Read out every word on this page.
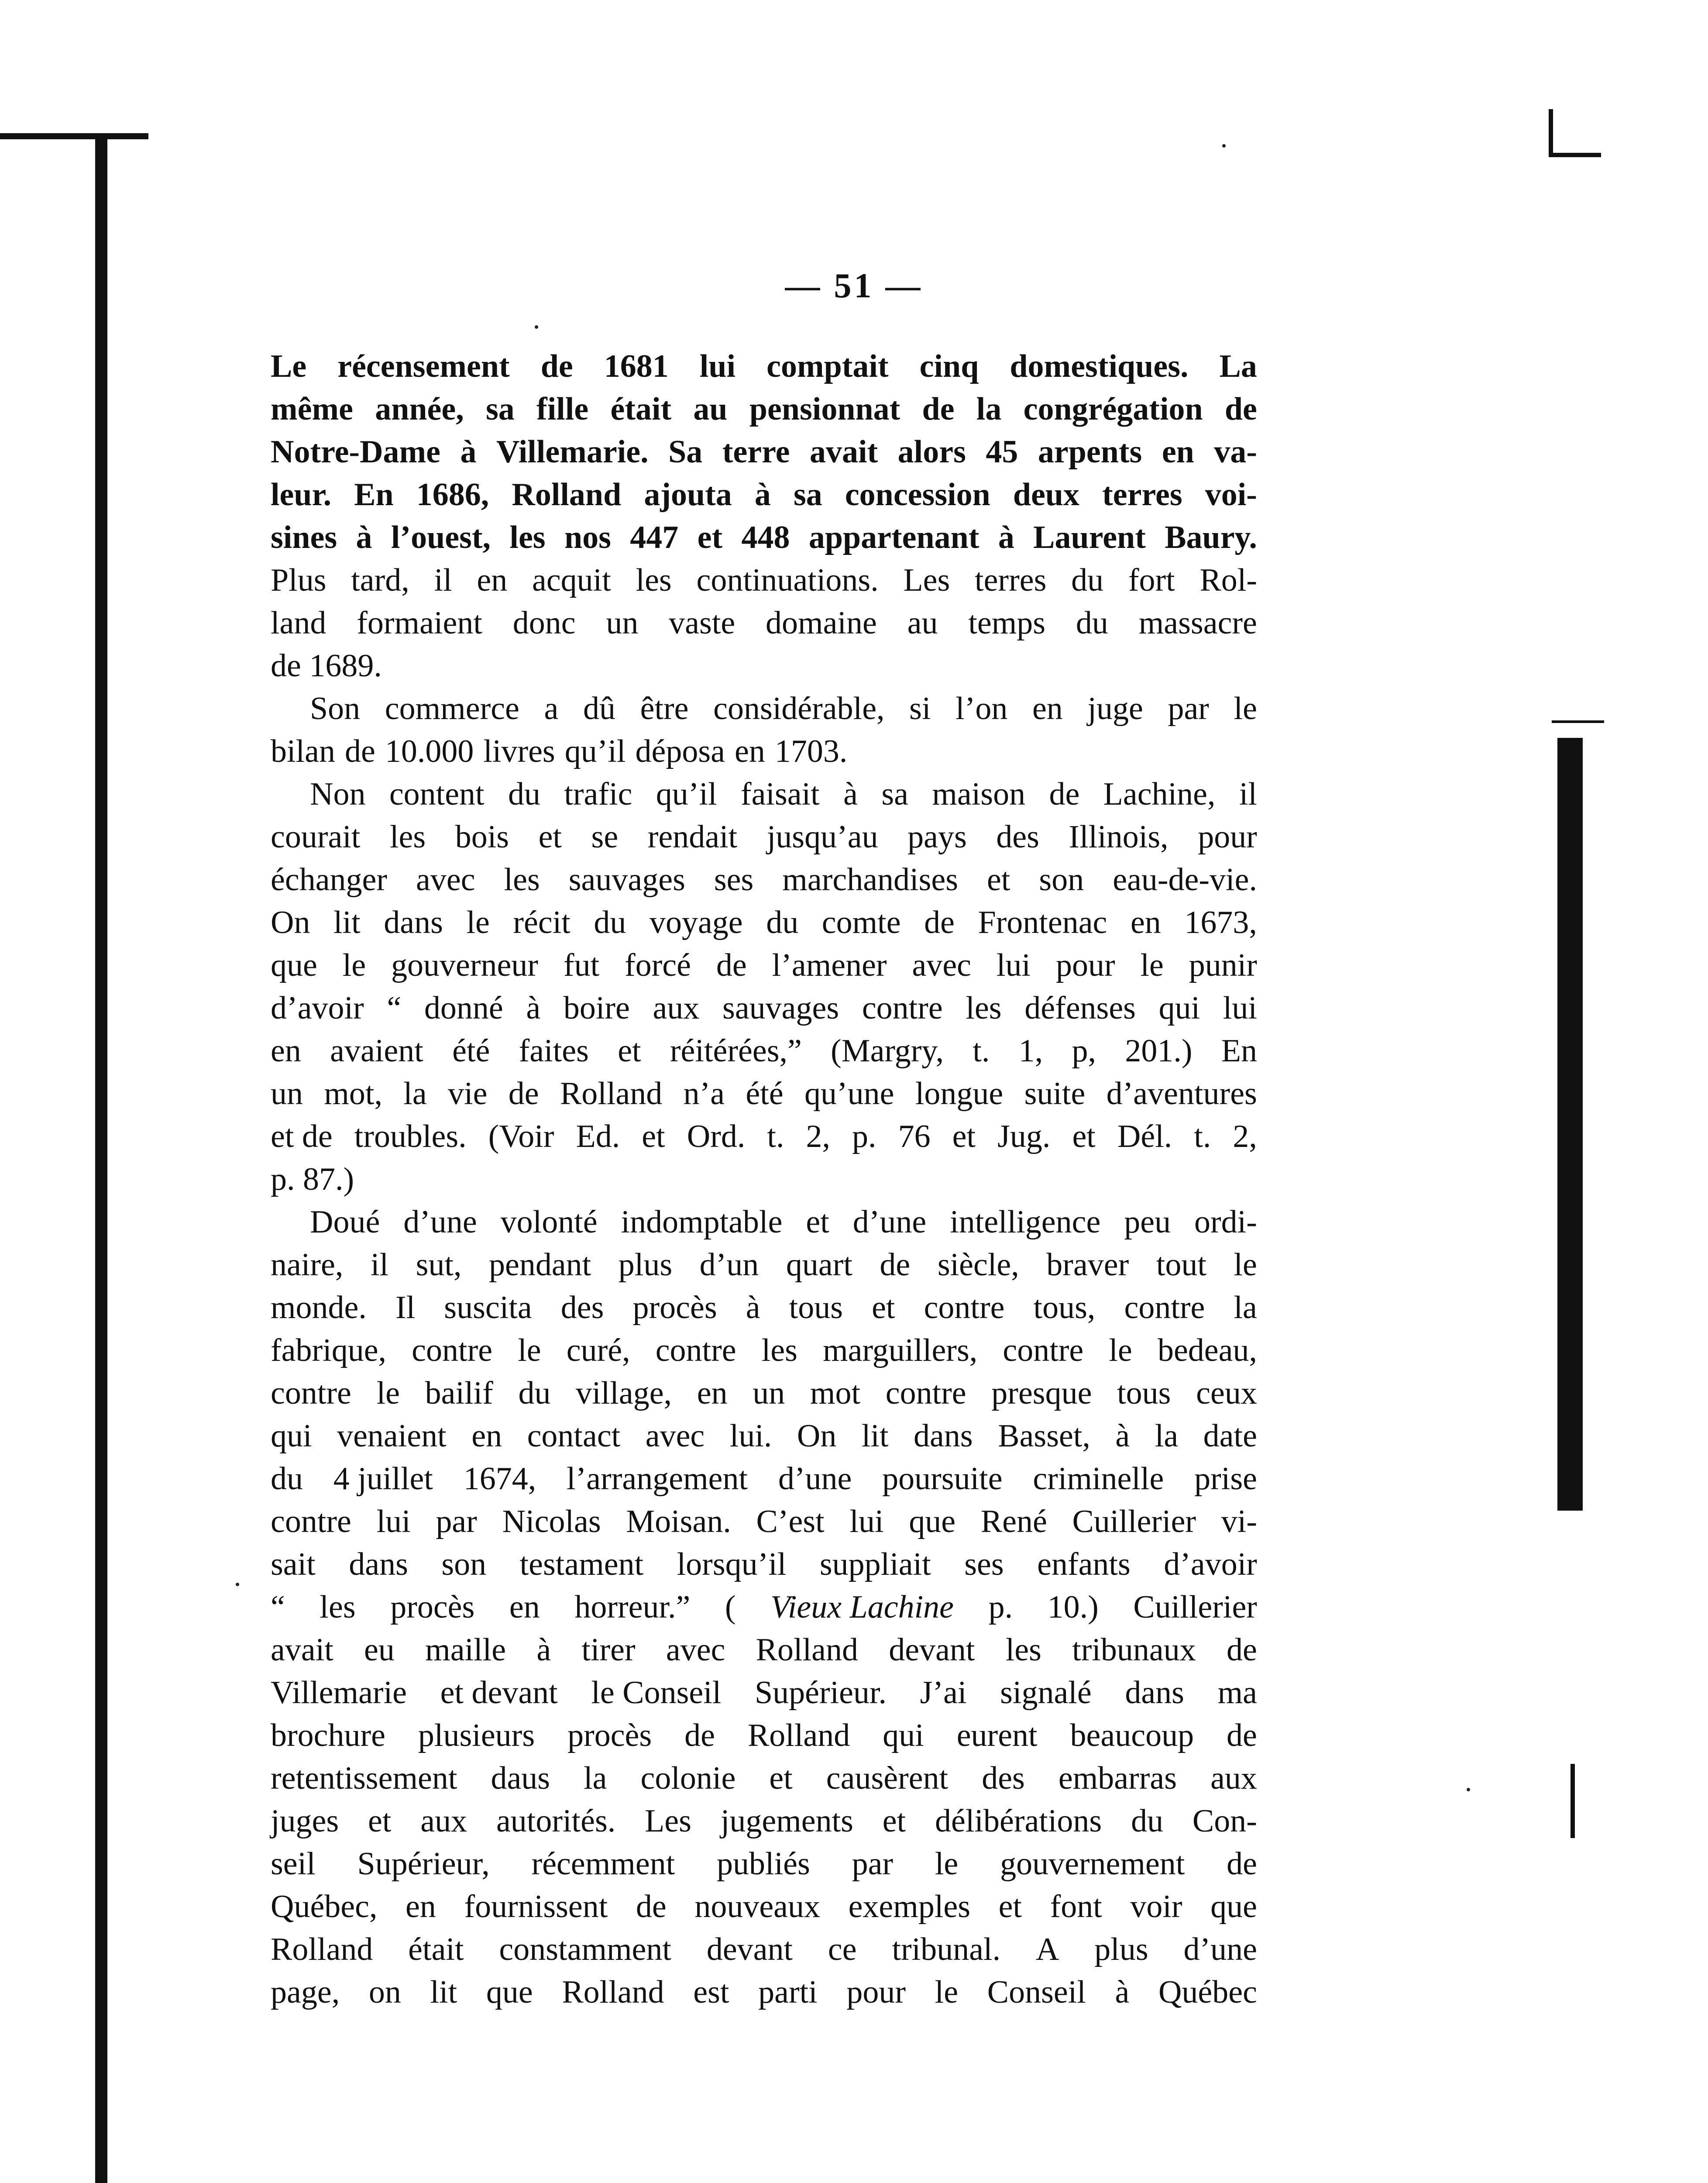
— 51 —
Le récensement de 1681 lui comptait cinq domestiques. La
même année, sa fille était au pensionnat de la congrégation de
Notre-Dame à Villemarie. Sa terre avait alors 45 arpents en va-
leur. En 1686, Rolland ajouta à sa concession deux terres voi-
sines à l’ouest, les nos 447 et 448 appartenant à Laurent Baury.
Plus tard, il en acquit les continuations. Les terres du fort Rol-
land formaient donc un vaste domaine au temps du massacre
de 1689.
Son commerce a dû être considérable, si l’on en juge par le
bilan de 10.000 livres qu’il déposa en 1703.
Non content du trafic qu’il faisait à sa maison de Lachine, il
courait les bois et se rendait jusqu’au pays des Illinois, pour
échanger avec les sauvages ses marchandises et son eau-de-vie.
On lit dans le récit du voyage du comte de Frontenac en 1673,
que le gouverneur fut forcé de l’amener avec lui pour le punir
d’avoir “ donné à boire aux sauvages contre les défenses qui lui
en avaient été faites et réitérées,” (Margry, t. 1, p, 201.) En
un mot, la vie de Rolland n’a été qu’une longue suite d’aventures
et de troubles. (Voir Ed. et Ord. t. 2, p. 76 et Jug. et Dél. t. 2,
p. 87.)
Doué d’une volonté indomptable et d’une intelligence peu ordi-
naire, il sut, pendant plus d’un quart de siècle, braver tout le
monde. Il suscita des procès à tous et contre tous, contre la
fabrique, contre le curé, contre les marguillers, contre le bedeau,
contre le bailif du village, en un mot contre presque tous ceux
qui venaient en contact avec lui. On lit dans Basset, à la date
du 4 juillet 1674, l’arrangement d’une poursuite criminelle prise
contre lui par Nicolas Moisan. C’est lui que René Cuillerier vi-
sait dans son testament lorsqu’il suppliait ses enfants d’avoir
“ les procès en horreur.” ( Vieux Lachine p. 10.) Cuillerier
avait eu maille à tirer avec Rolland devant les tribunaux de
Villemarie et devant le Conseil Supérieur. J’ai signalé dans ma
brochure plusieurs procès de Rolland qui eurent beaucoup de
retentissement daus la colonie et causèrent des embarras aux
juges et aux autorités. Les jugements et délibérations du Con-
seil Supérieur, récemment publiés par le gouvernement de
Québec, en fournissent de nouveaux exemples et font voir que
Rolland était constamment devant ce tribunal. A plus d’une
page, on lit que Rolland est parti pour le Conseil à Québec
